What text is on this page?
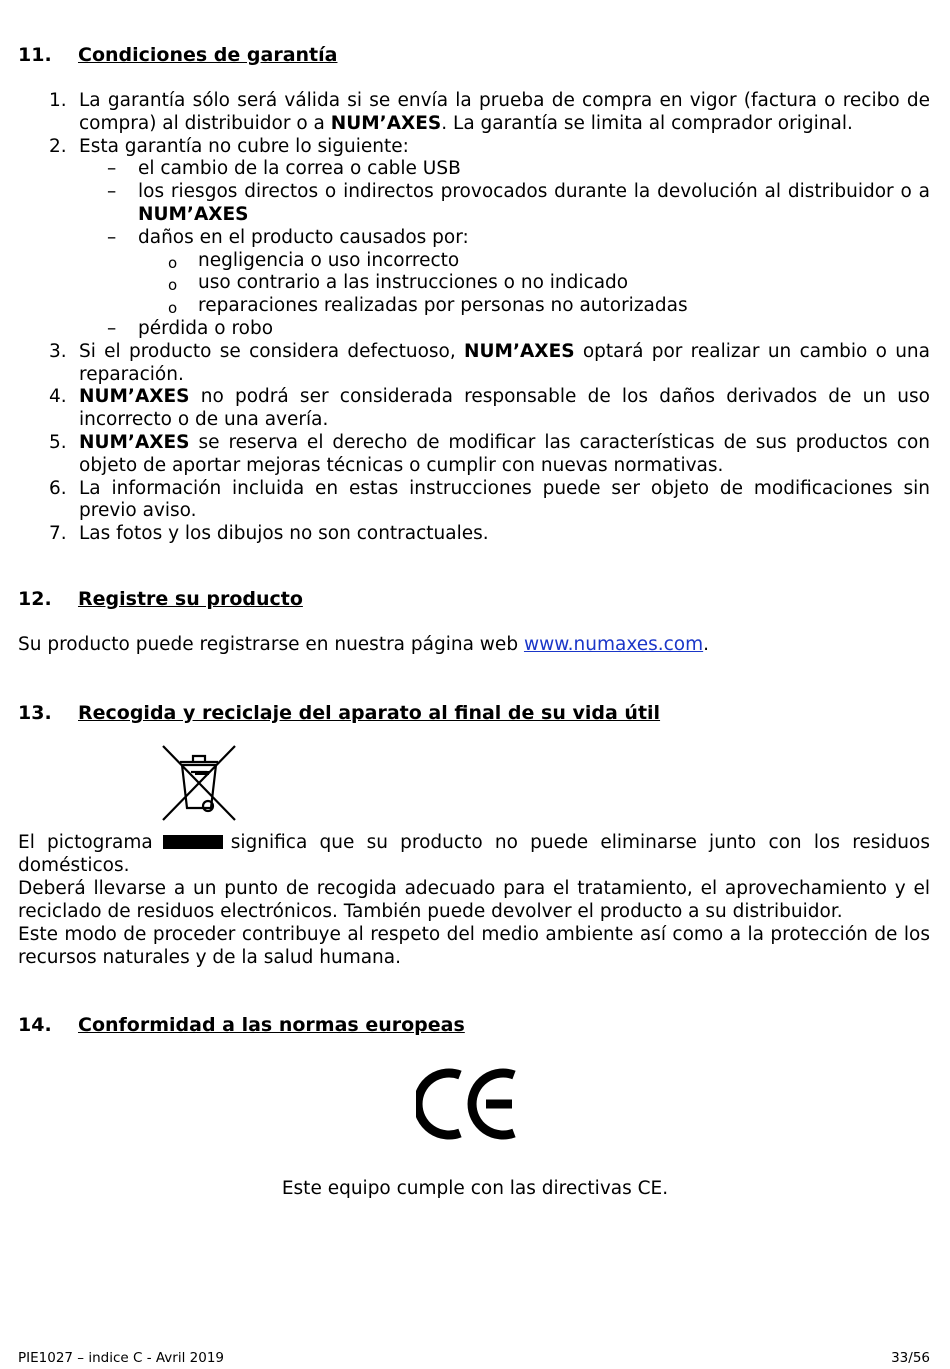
11. Condiciones de garantía
1. La garantía sólo será válida si se envía la prueba de compra en vigor (factura o recibo de compra) al distribuidor o a NUM’AXES. La garantía se limita al comprador original.
2. Esta garantía no cubre lo siguiente:
– el cambio de la correa o cable USB
– los riesgos directos o indirectos provocados durante la devolución al distribuidor o a NUM’AXES
– daños en el producto causados por:
o negligencia o uso incorrecto
o uso contrario a las instrucciones o no indicado
o reparaciones realizadas por personas no autorizadas
– pérdida o robo
3. Si el producto se considera defectuoso, NUM’AXES optará por realizar un cambio o una reparación.
4. NUM’AXES no podrá ser considerada responsable de los daños derivados de un uso incorrecto o de una avería.
5. NUM’AXES se reserva el derecho de modificar las características de sus productos con objeto de aportar mejoras técnicas o cumplir con nuevas normativas.
6. La información incluida en estas instrucciones puede ser objeto de modificaciones sin previo aviso.
7. Las fotos y los dibujos no son contractuales.
12. Registre su producto
Su producto puede registrarse en nuestra página web www.numaxes.com.
13. Recogida y reciclaje del aparato al final de su vida útil
El pictograma	significa que su producto no puede eliminarse junto con los residuos domésticos.
Deberá llevarse a un punto de recogida adecuado para el tratamiento, el aprovechamiento y el reciclado de residuos electrónicos. También puede devolver el producto a su distribuidor.
Este modo de proceder contribuye al respeto del medio ambiente así como a la protección de los recursos naturales y de la salud humana.
14. Conformidad a las normas europeas
Este equipo cumple con las directivas CE.
PIE1027 – indice C - Avril 2019	33/56
